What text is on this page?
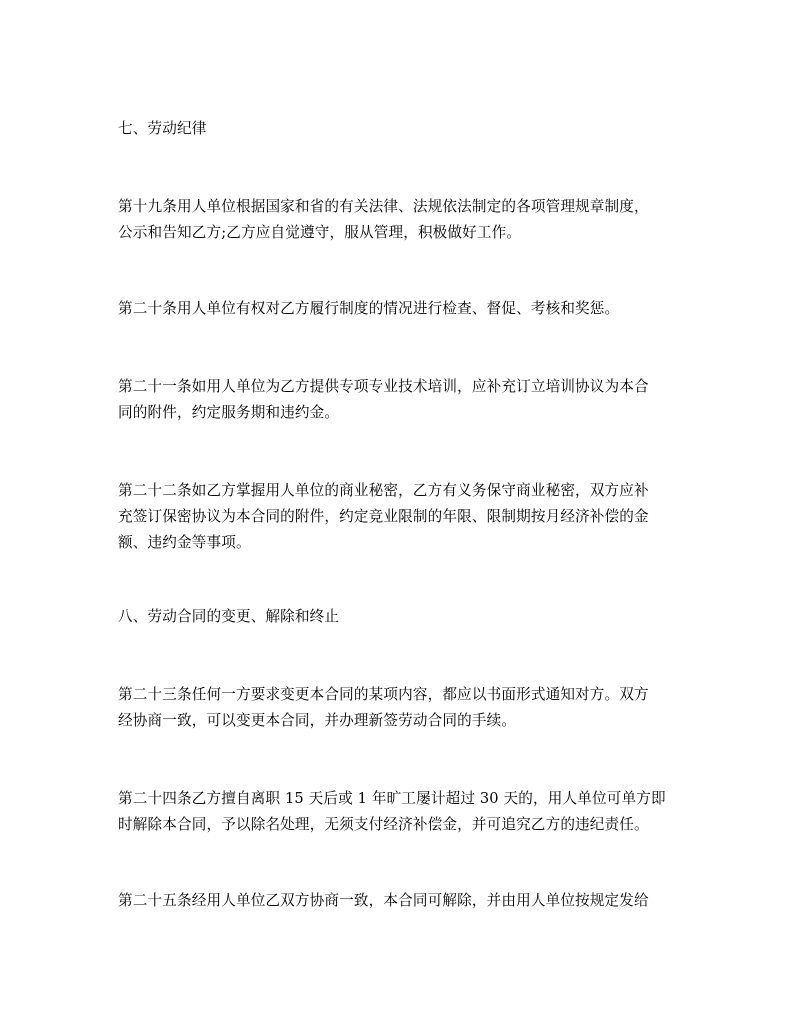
七、劳动纪律

第十九条用人单位根据国家和省的有关法律、法规依法制定的各项管理规章制度，
公示和告知乙方;乙方应自觉遵守，服从管理，积极做好工作。

第二十条用人单位有权对乙方履行制度的情况进行检查、督促、考核和奖惩。

第二十一条如用人单位为乙方提供专项专业技术培训，应补充订立培训协议为本合
同的附件，约定服务期和违约金。

第二十二条如乙方掌握用人单位的商业秘密，乙方有义务保守商业秘密，双方应补
充签订保密协议为本合同的附件，约定竞业限制的年限、限制期按月经济补偿的金
额、违约金等事项。

八、劳动合同的变更、解除和终止

第二十三条任何一方要求变更本合同的某项内容，都应以书面形式通知对方。双方
经协商一致，可以变更本合同，并办理新签劳动合同的手续。

第二十四条乙方擅自离职 15 天后或 1 年旷工屡计超过 30 天的，用人单位可单方即
时解除本合同，予以除名处理，无须支付经济补偿金，并可追究乙方的违纪责任。

第二十五条经用人单位乙双方协商一致，本合同可解除，并由用人单位按规定发给
